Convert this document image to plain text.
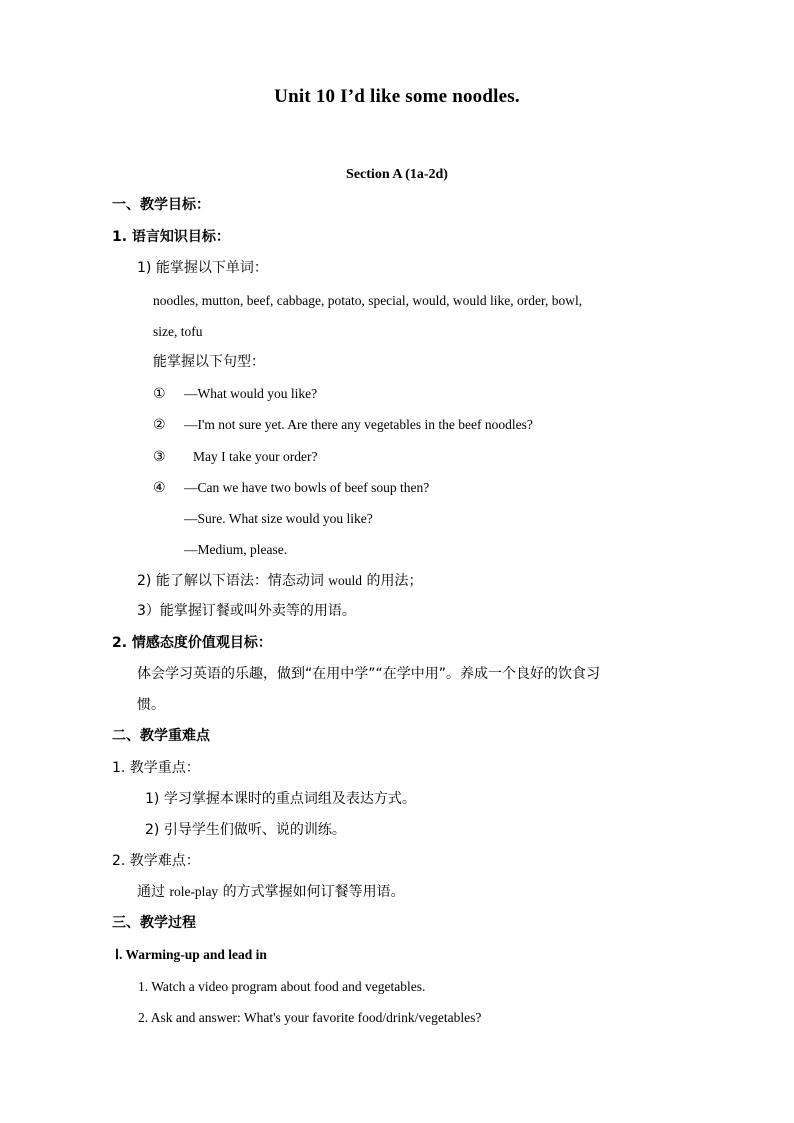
Unit 10 I’d like some noodles.
Section A (1a-2d)
一、教学目标：
1. 语言知识目标：
1) 能掌握以下单词：
noodles, mutton, beef, cabbage, potato, special, would, would like, order, bowl,
size, tofu
能掌握以下句型：
① —What would you like?
② —I'm not sure yet. Are there any vegetables in the beef noodles?
③ May I take your order?
④ —Can we have two bowls of beef soup then?
—Sure. What size would you like?
—Medium, please.
2) 能了解以下语法：情态动词 would 的用法；
3）能掌握订餐或叫外卖等的用语。
2. 情感态度价值观目标：
体会学习英语的乐趣，做到“在用中学”“在学中用”。养成一个良好的饮食习
惯。
二、教学重难点
1. 教学重点：
1) 学习掌握本课时的重点词组及表达方式。
2) 引导学生们做听、说的训练。
2. 教学难点：
通过 role-play 的方式掌握如何订餐等用语。
三、教学过程
Ⅰ. Warming-up and lead in
1. Watch a video program about food and vegetables.
2. Ask and answer: What's your favorite food/drink/vegetables?
